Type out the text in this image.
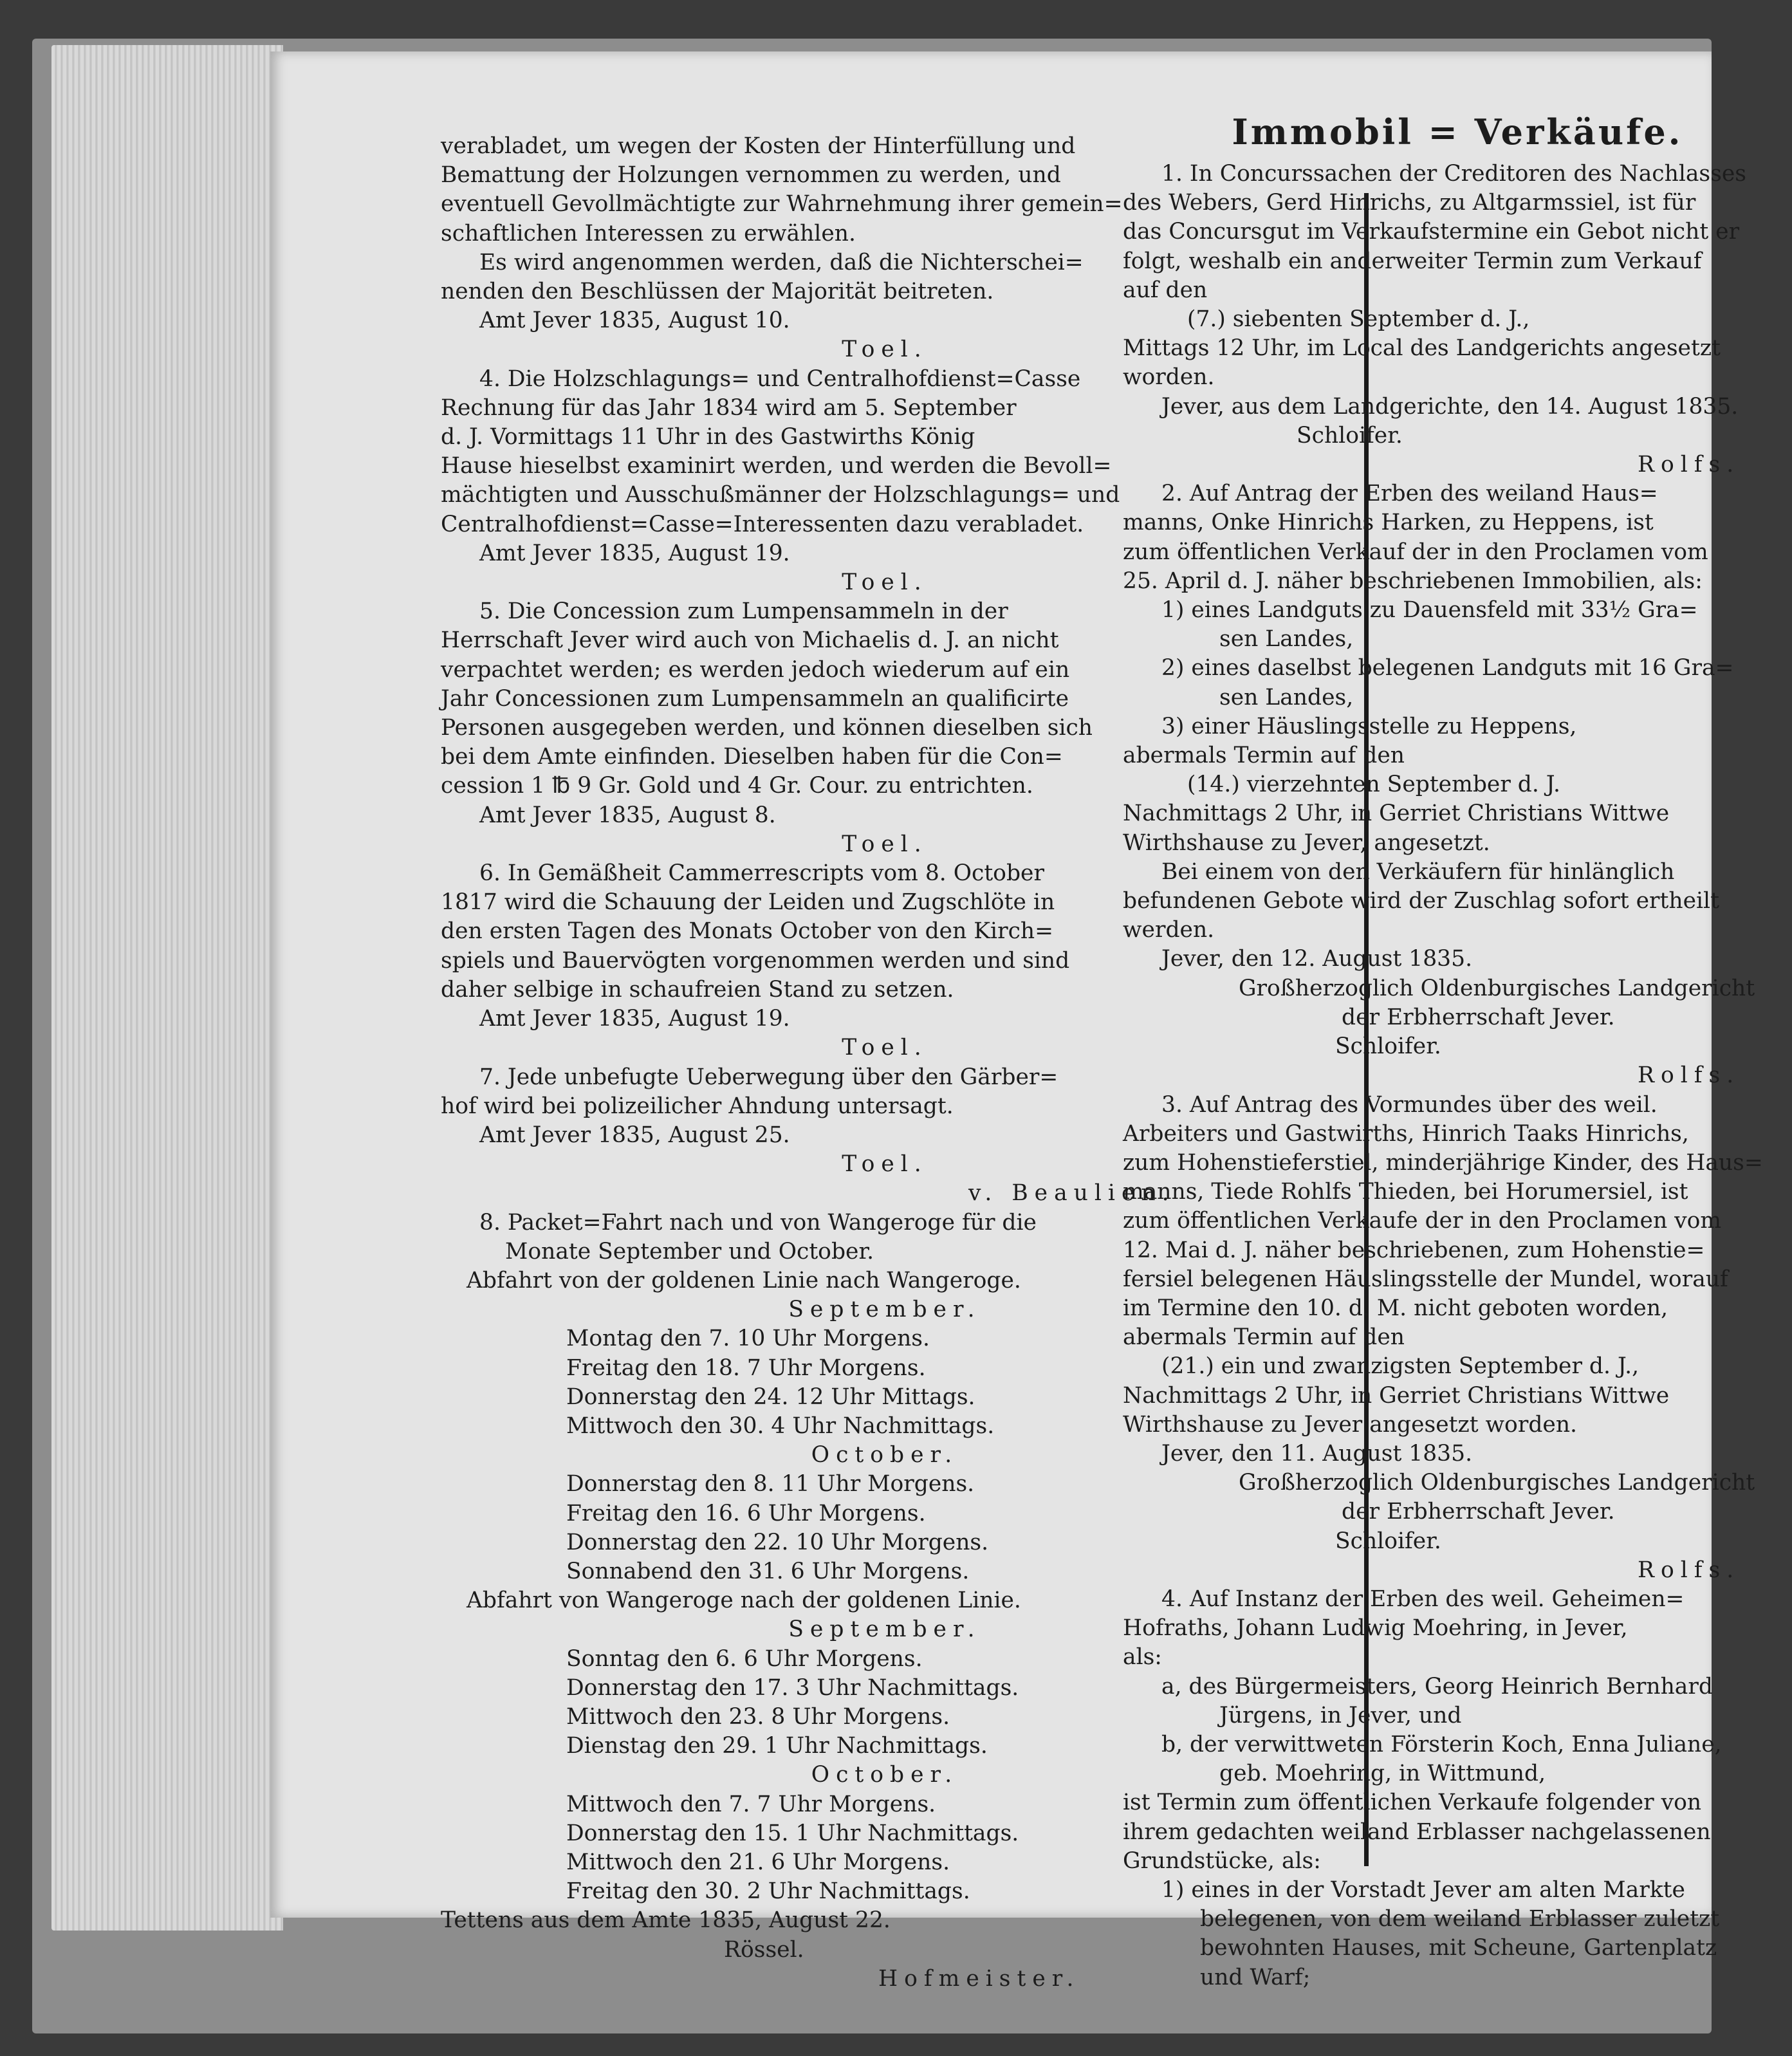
verabladet, um wegen der Kosten der Hinterfüllung und
Bemattung der Holzungen vernommen zu werden, und
eventuell Gevollmächtigte zur Wahrnehmung ihrer gemein=
schaftlichen Interessen zu erwählen.
Es wird angenommen werden, daß die Nichterschei=
nenden den Beschlüssen der Majorität beitreten.
Amt Jever 1835, August 10.
Toel.
4. Die Holzschlagungs= und Centralhofdienst=Casse
Rechnung für das Jahr 1834 wird am 5. September
d. J. Vormittags 11 Uhr in des Gastwirths König
Hause hieselbst examinirt werden, und werden die Bevoll=
mächtigten und Ausschußmänner der Holzschlagungs= und
Centralhofdienst=Casse=Interessenten dazu verabladet.
Amt Jever 1835, August 19.
Toel.
5. Die Concession zum Lumpensammeln in der
Herrschaft Jever wird auch von Michaelis d. J. an nicht
verpachtet werden; es werden jedoch wiederum auf ein
Jahr Concessionen zum Lumpensammeln an qualificirte
Personen ausgegeben werden, und können dieselben sich
bei dem Amte einfinden. Dieselben haben für die Con=
cession 1 ℔ 9 Gr. Gold und 4 Gr. Cour. zu entrichten.
Amt Jever 1835, August 8.
Toel.
6. In Gemäßheit Cammerrescripts vom 8. October
1817 wird die Schauung der Leiden und Zugschlöte in
den ersten Tagen des Monats October von den Kirch=
spiels und Bauervögten vorgenommen werden und sind
daher selbige in schaufreien Stand zu setzen.
Amt Jever 1835, August 19.
Toel.
7. Jede unbefugte Ueberwegung über den Gärber=
hof wird bei polizeilicher Ahndung untersagt.
Amt Jever 1835, August 25.
Toel.
v. Beaulien.
8. Packet=Fahrt nach und von Wangeroge für die
Monate September und October.
Abfahrt von der goldenen Linie nach Wangeroge.
September.
Montag den 7. 10 Uhr Morgens.
Freitag den 18. 7 Uhr Morgens.
Donnerstag den 24. 12 Uhr Mittags.
Mittwoch den 30. 4 Uhr Nachmittags.
October.
Donnerstag den 8. 11 Uhr Morgens.
Freitag den 16. 6 Uhr Morgens.
Donnerstag den 22. 10 Uhr Morgens.
Sonnabend den 31. 6 Uhr Morgens.
Abfahrt von Wangeroge nach der goldenen Linie.
September.
Sonntag den 6. 6 Uhr Morgens.
Donnerstag den 17. 3 Uhr Nachmittags.
Mittwoch den 23. 8 Uhr Morgens.
Dienstag den 29. 1 Uhr Nachmittags.
October.
Mittwoch den 7. 7 Uhr Morgens.
Donnerstag den 15. 1 Uhr Nachmittags.
Mittwoch den 21. 6 Uhr Morgens.
Freitag den 30. 2 Uhr Nachmittags.
Tettens aus dem Amte 1835, August 22.
Rössel.
Hofmeister.
Immobil = Verkäufe.
1. In Concurssachen der Creditoren des Nachlasses
des Webers, Gerd Hinrichs, zu Altgarmssiel, ist für
das Concursgut im Verkaufstermine ein Gebot nicht er
folgt, weshalb ein anderweiter Termin zum Verkauf
auf den
(7.) siebenten September d. J.,
Mittags 12 Uhr, im Local des Landgerichts angesetzt
worden.
Jever, aus dem Landgerichte, den 14. August 1835.
Schloifer.
Rolfs.
2. Auf Antrag der Erben des weiland Haus=
manns, Onke Hinrichs Harken, zu Heppens, ist
zum öffentlichen Verkauf der in den Proclamen vom
25. April d. J. näher beschriebenen Immobilien, als:
1) eines Landguts zu Dauensfeld mit 33½ Gra=
sen Landes,
2) eines daselbst belegenen Landguts mit 16 Gra=
sen Landes,
3) einer Häuslingsstelle zu Heppens,
abermals Termin auf den
(14.) vierzehnten September d. J.
Nachmittags 2 Uhr, in Gerriet Christians Wittwe
Wirthshause zu Jever, angesetzt.
Bei einem von den Verkäufern für hinlänglich
befundenen Gebote wird der Zuschlag sofort ertheilt
werden.
Jever, den 12. August 1835.
Großherzoglich Oldenburgisches Landgericht
der Erbherrschaft Jever.
Schloifer.
Rolfs.
3. Auf Antrag des Vormundes über des weil.
Arbeiters und Gastwirths, Hinrich Taaks Hinrichs,
zum Hohenstieferstiel, minderjährige Kinder, des Haus=
manns, Tiede Rohlfs Thieden, bei Horumersiel, ist
zum öffentlichen Verkaufe der in den Proclamen vom
12. Mai d. J. näher beschriebenen, zum Hohenstie=
fersiel belegenen Häuslingsstelle der Mundel, worauf
im Termine den 10. d. M. nicht geboten worden,
abermals Termin auf den
(21.) ein und zwanzigsten September d. J.,
Nachmittags 2 Uhr, in Gerriet Christians Wittwe
Wirthshause zu Jever angesetzt worden.
Jever, den 11. August 1835.
Großherzoglich Oldenburgisches Landgericht
der Erbherrschaft Jever.
Schloifer.
Rolfs.
4. Auf Instanz der Erben des weil. Geheimen=
Hofraths, Johann Ludwig Moehring, in Jever,
als:
a, des Bürgermeisters, Georg Heinrich Bernhard
Jürgens, in Jever, und
b, der verwittweten Försterin Koch, Enna Juliane,
geb. Moehring, in Wittmund,
ist Termin zum öffentlichen Verkaufe folgender von
ihrem gedachten weiland Erblasser nachgelassenen
Grundstücke, als:
1) eines in der Vorstadt Jever am alten Markte
belegenen, von dem weiland Erblasser zuletzt
bewohnten Hauses, mit Scheune, Gartenplatz
und Warf;
